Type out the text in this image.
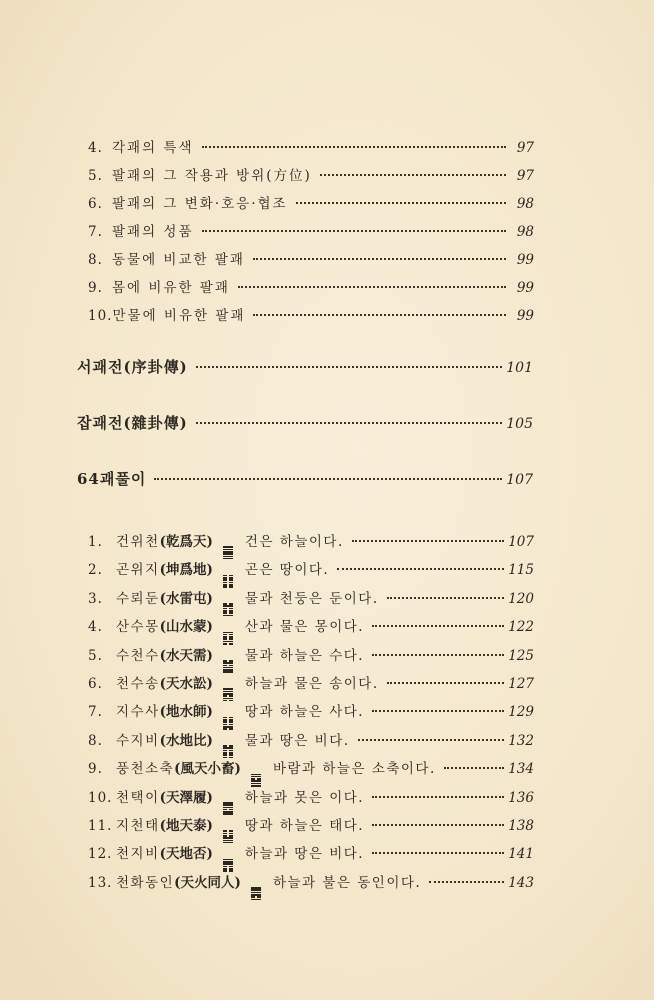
4. 각괘의 특색	97
5. 팔괘의 그 작용과 방위(方位)	97
6. 팔괘의 그 변화·호응·협조	98
7. 팔괘의 성품	98
8. 동물에 비교한 팔괘	99
9. 몸에 비유한 팔괘	99
10. 만물에 비유한 팔괘	99
서괘전(序卦傳)	101
잡괘전(雜卦傳)	105
64괘풀이	107
1. 건위천(乾爲天) 건은 하늘이다.	107
2. 곤위지(坤爲地) 곤은 땅이다.	115
3. 수뢰둔(水雷屯) 물과 천둥은 둔이다.	120
4. 산수몽(山水蒙) 산과 물은 몽이다.	122
5. 수천수(水天需) 물과 하늘은 수다.	125
6. 천수송(天水訟) 하늘과 물은 송이다.	127
7. 지수사(地水師) 땅과 하늘은 사다.	129
8. 수지비(水地比) 물과 땅은 비다.	132
9. 풍천소축(風天小畜) 바람과 하늘은 소축이다.	134
10. 천택이(天澤履) 하늘과 못은 이다.	136
11. 지천태(地天泰) 땅과 하늘은 태다.	138
12. 천지비(天地否) 하늘과 땅은 비다.	141
13. 천화동인(天火同人) 하늘과 불은 동인이다.	143
